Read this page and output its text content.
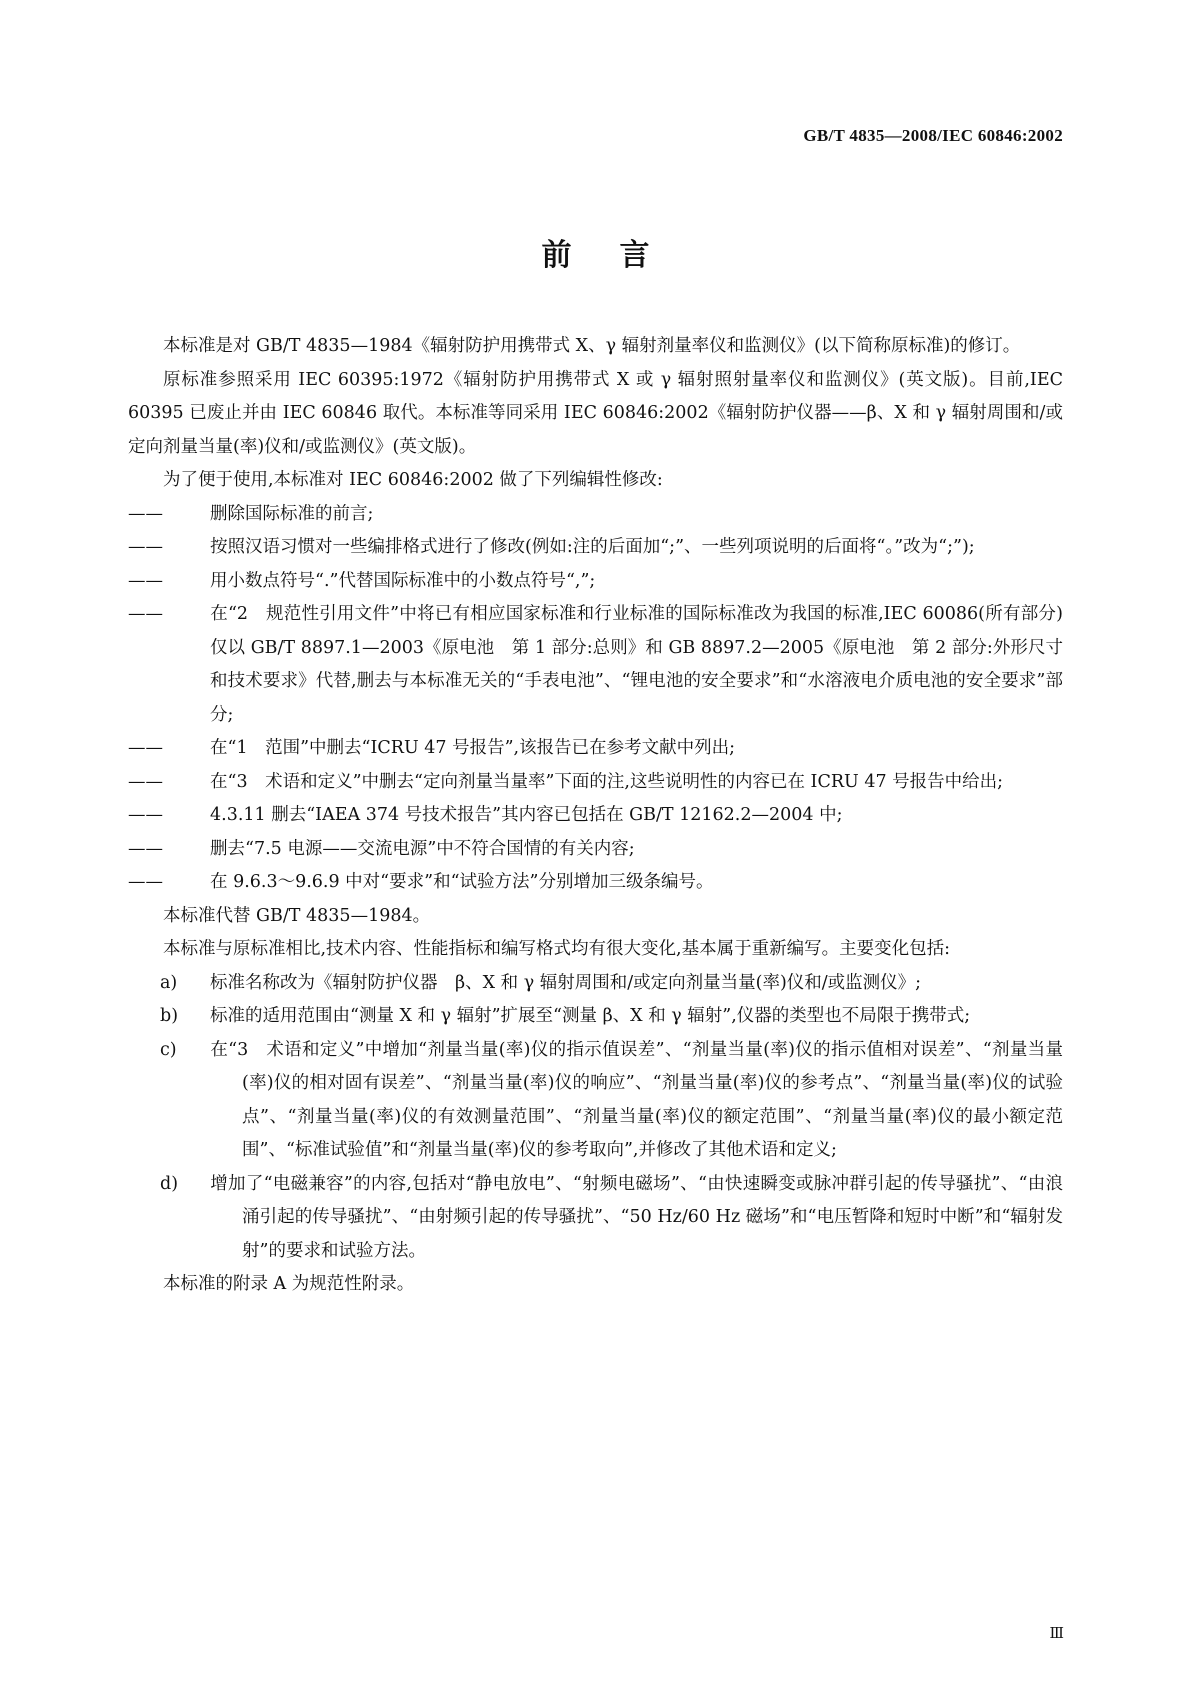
GB/T 4835—2008/IEC 60846:2002
前言

本标准是对 GB/T 4835—1984《辐射防护用携带式 X、γ 辐射剂量率仪和监测仪》(以下简称原标准)的修订。

原标准参照采用 IEC 60395:1972《辐射防护用携带式 X 或 γ 辐射照射量率仪和监测仪》(英文版)。目前,IEC 60395 已废止并由 IEC 60846 取代。本标准等同采用 IEC 60846:2002《辐射防护仪器——β、X 和 γ 辐射周围和/或定向剂量当量(率)仪和/或监测仪》(英文版)。

为了便于使用,本标准对 IEC 60846:2002 做了下列编辑性修改:

——	删除国际标准的前言;

——	按照汉语习惯对一些编排格式进行了修改(例如:注的后面加“;”、一些列项说明的后面将“。”改为“;”);

——	用小数点符号“.”代替国际标准中的小数点符号“,”;

——	在“2　规范性引用文件”中将已有相应国家标准和行业标准的国际标准改为我国的标准,IEC 60086(所有部分)仅以 GB/T 8897.1—2003《原电池　第 1 部分:总则》和 GB 8897.2—2005《原电池　第 2 部分:外形尺寸和技术要求》代替,删去与本标准无关的“手表电池”、“锂电池的安全要求”和“水溶液电介质电池的安全要求”部分;

——	在“1　范围”中删去“ICRU 47 号报告”,该报告已在参考文献中列出;

——	在“3　术语和定义”中删去“定向剂量当量率”下面的注,这些说明性的内容已在 ICRU 47 号报告中给出;

——	4.3.11 删去“IAEA 374 号技术报告”其内容已包括在 GB/T 12162.2—2004 中;

——	删去“7.5 电源——交流电源”中不符合国情的有关内容;

——	在 9.6.3～9.6.9 中对“要求”和“试验方法”分别增加三级条编号。

本标准代替 GB/T 4835—1984。

本标准与原标准相比,技术内容、性能指标和编写格式均有很大变化,基本属于重新编写。主要变化包括:

a) 标准名称改为《辐射防护仪器　β、X 和 γ 辐射周围和/或定向剂量当量(率)仪和/或监测仪》;

b) 标准的适用范围由“测量 X 和 γ 辐射”扩展至“测量 β、X 和 γ 辐射”,仪器的类型也不局限于携带式;

c) 在“3　术语和定义”中增加“剂量当量(率)仪的指示值误差”、“剂量当量(率)仪的指示值相对误差”、“剂量当量(率)仪的相对固有误差”、“剂量当量(率)仪的响应”、“剂量当量(率)仪的参考点”、“剂量当量(率)仪的试验点”、“剂量当量(率)仪的有效测量范围”、“剂量当量(率)仪的额定范围”、“剂量当量(率)仪的最小额定范围”、“标准试验值”和“剂量当量(率)仪的参考取向”,并修改了其他术语和定义;

d) 增加了“电磁兼容”的内容,包括对“静电放电”、“射频电磁场”、“由快速瞬变或脉冲群引起的传导骚扰”、“由浪涌引起的传导骚扰”、“由射频引起的传导骚扰”、“50 Hz/60 Hz 磁场”和“电压暂降和短时中断”和“辐射发射”的要求和试验方法。

本标准的附录 A 为规范性附录。

Ⅲ
